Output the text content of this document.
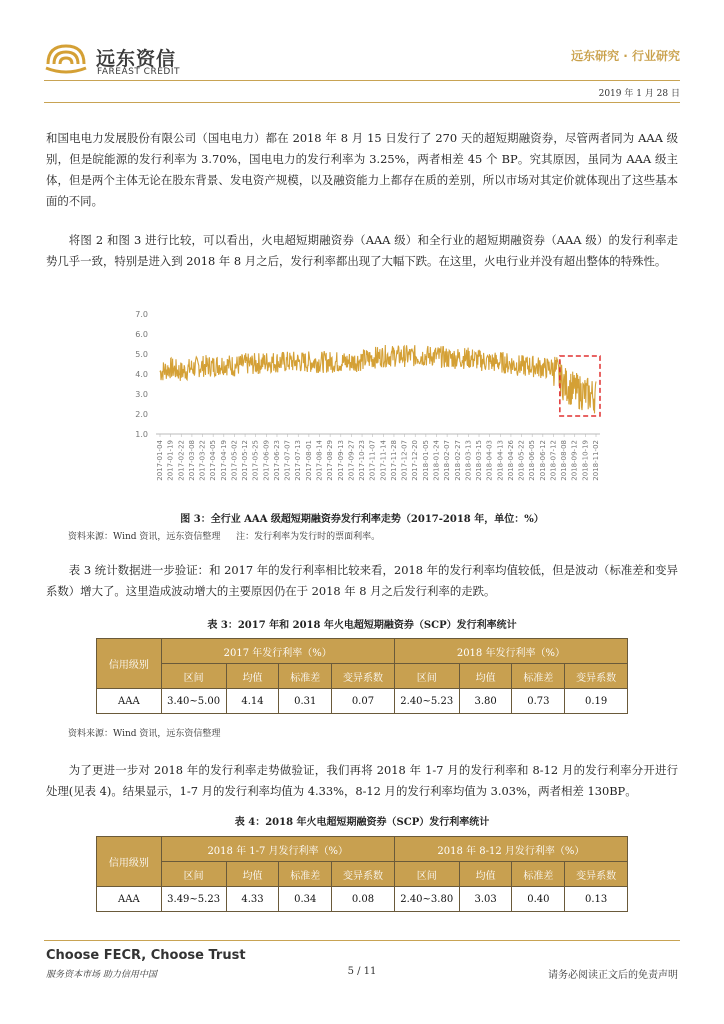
远东资信
FAREAST CREDIT
远东研究 · 行业研究
2019 年 1 月 28 日

和国电电力发展股份有限公司（国电电力）都在 2018 年 8 月 15 日发行了 270 天的超短期融资券，尽管两者同为 AAA 级别，但是皖能源的发行利率为 3.70%，国电电力的发行利率为 3.25%，两者相差 45 个 BP。究其原因，虽同为 AAA 级主体，但是两个主体无论在股东背景、发电资产规模，以及融资能力上都存在质的差别，所以市场对其定价就体现出了这些基本面的不同。

将图 2 和图 3 进行比较，可以看出，火电超短期融资券（AAA 级）和全行业的超短期融资券（AAA 级）的发行利率走势几乎一致，特别是进入到 2018 年 8 月之后，发行利率都出现了大幅下跌。在这里，火电行业并没有超出整体的特殊性。

7.0
6.0
5.0
4.0
3.0
2.0
1.0
2017-01-04 2017-01-19 2017-02-22 2017-03-08 2017-03-22 2017-04-05 2017-04-19 2017-05-02 2017-05-12 2017-05-25 2017-06-09 2017-06-23 2017-07-07 2017-07-13 2017-08-01 2017-08-14 2017-08-29 2017-09-13 2017-09-27 2017-10-23 2017-11-07 2017-11-14 2017-11-28 2017-12-07 2017-12-20 2018-01-05 2018-01-24 2018-02-07 2018-02-27 2018-03-13 2018-03-15 2018-04-03 2018-04-13 2018-04-26 2018-05-22 2018-06-05 2018-06-12 2018-07-12 2018-08-08 2018-09-12 2018-10-19 2018-11-02
图 3：全行业 AAA 级超短期融资券发行利率走势（2017-2018 年，单位：%）
资料来源：Wind 资讯，远东资信整理 注：发行利率为发行时的票面利率。

表 3 统计数据进一步验证：和 2017 年的发行利率相比较来看，2018 年的发行利率均值较低，但是波动（标准差和变异系数）增大了。这里造成波动增大的主要原因仍在于 2018 年 8 月之后发行利率的走跌。

表 3：2017 年和 2018 年火电超短期融资券（SCP）发行利率统计
信用级别	2017 年发行利率（%）				2018 年发行利率（%）			
	区间	均值	标准差	变异系数	区间	均值	标准差	变异系数
AAA	3.40~5.00	4.14	0.31	0.07	2.40~5.23	3.80	0.73	0.19
资料来源：Wind 资讯，远东资信整理

为了更进一步对 2018 年的发行利率走势做验证，我们再将 2018 年 1-7 月的发行利率和 8-12 月的发行利率分开进行处理(见表 4)。结果显示，1-7 月的发行利率均值为 4.33%，8-12 月的发行利率均值为 3.03%，两者相差 130BP。

表 4：2018 年火电超短期融资券（SCP）发行利率统计
信用级别	2018 年 1-7 月发行利率（%）				2018 年 8-12 月发行利率（%）			
	区间	均值	标准差	变异系数	区间	均值	标准差	变异系数
AAA	3.49~5.23	4.33	0.34	0.08	2.40~3.80	3.03	0.40	0.13
Choose FECR, Choose Trust
服务资本市场 助力信用中国	5 / 11	请务必阅读正文后的免责声明
